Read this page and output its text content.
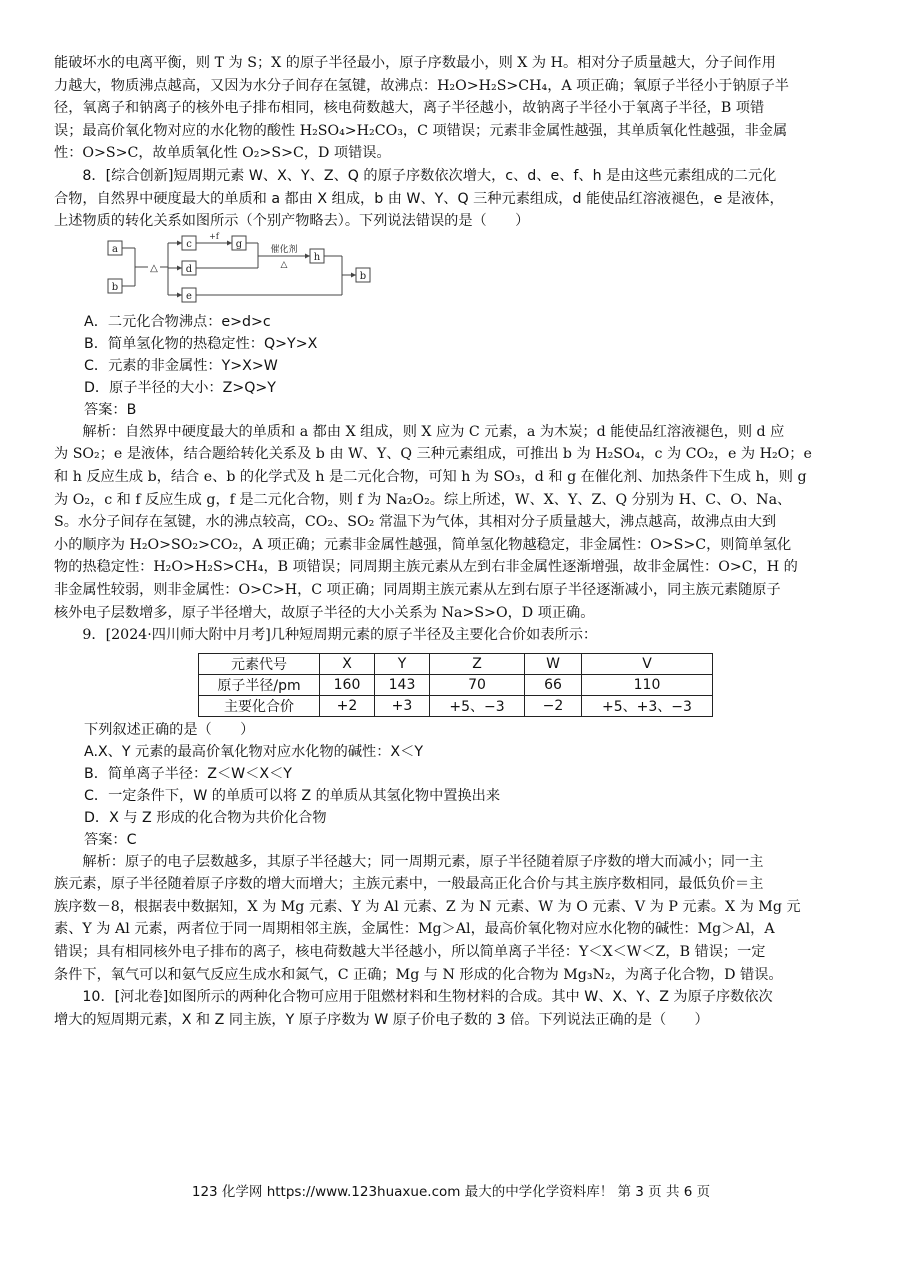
能破坏水的电离平衡，则 T 为 S；X 的原子半径最小，原子序数最小，则 X 为 H。相对分子质量越大，分子间作用

力越大，物质沸点越高，又因为水分子间存在氢键，故沸点：H₂O>H₂S>CH₄，A 项正确；氧原子半径小于钠原子半

径，氧离子和钠离子的核外电子排布相同，核电荷数越大，离子半径越小，故钠离子半径小于氧离子半径，B 项错

误；最高价氧化物对应的水化物的酸性 H₂SO₄>H₂CO₃，C 项错误；元素非金属性越强，其单质氧化性越强，非金属

性：O>S>C，故单质氧化性 O₂>S>C，D 项错误。

8．[综合创新]短周期元素 W、X、Y、Z、Q 的原子序数依次增大，c、d、e、f、h 是由这些元素组成的二元化

合物，自然界中硬度最大的单质和 a 都由 X 组成，b 由 W、Y、Q 三种元素组成，d 能使品红溶液褪色，e 是液体，

上述物质的转化关系如图所示（个别产物略去）。下列说法错误的是（　　）

a
b
△
c
d
e
g
h
b
+f
催化剂
△

A．二元化合物沸点：e>d>c

B．简单氢化物的热稳定性：Q>Y>X

C．元素的非金属性：Y>X>W

D．原子半径的大小：Z>Q>Y

答案：B

解析：自然界中硬度最大的单质和 a 都由 X 组成，则 X 应为 C 元素，a 为木炭；d 能使品红溶液褪色，则 d 应

为 SO₂；e 是液体，结合题给转化关系及 b 由 W、Y、Q 三种元素组成，可推出 b 为 H₂SO₄，c 为 CO₂，e 为 H₂O；e

和 h 反应生成 b，结合 e、b 的化学式及 h 是二元化合物，可知 h 为 SO₃，d 和 g 在催化剂、加热条件下生成 h，则 g

为 O₂，c 和 f 反应生成 g，f 是二元化合物，则 f 为 Na₂O₂。综上所述，W、X、Y、Z、Q 分别为 H、C、O、Na、

S。水分子间存在氢键，水的沸点较高，CO₂、SO₂ 常温下为气体，其相对分子质量越大，沸点越高，故沸点由大到

小的顺序为 H₂O>SO₂>CO₂，A 项正确；元素非金属性越强，简单氢化物越稳定，非金属性：O>S>C，则简单氢化

物的热稳定性：H₂O>H₂S>CH₄，B 项错误；同周期主族元素从左到右非金属性逐渐增强，故非金属性：O>C，H 的

非金属性较弱，则非金属性：O>C>H，C 项正确；同周期主族元素从左到右原子半径逐渐减小，同主族元素随原子

核外电子层数增多，原子半径增大，故原子半径的大小关系为 Na>S>O，D 项正确。

9．[2024·四川师大附中月考]几种短周期元素的原子半径及主要化合价如表所示：

元素代号	X	Y	Z	W	V
原子半径/pm	160	143	70	66	110
主要化合价	+2	+3	+5、−3	−2	+5、+3、−3

下列叙述正确的是（　　）

A.X、Y 元素的最高价氧化物对应水化物的碱性：X＜Y

B．简单离子半径：Z＜W＜X＜Y

C．一定条件下，W 的单质可以将 Z 的单质从其氢化物中置换出来

D．X 与 Z 形成的化合物为共价化合物

答案：C

解析：原子的电子层数越多，其原子半径越大；同一周期元素，原子半径随着原子序数的增大而减小；同一主

族元素，原子半径随着原子序数的增大而增大；主族元素中，一般最高正化合价与其主族序数相同，最低负价＝主

族序数－8，根据表中数据知，X 为 Mg 元素、Y 为 Al 元素、Z 为 N 元素、W 为 O 元素、V 为 P 元素。X 为 Mg 元

素、Y 为 Al 元素，两者位于同一周期相邻主族，金属性：Mg＞Al，最高价氧化物对应水化物的碱性：Mg＞Al，A

错误；具有相同核外电子排布的离子，核电荷数越大半径越小，所以简单离子半径：Y＜X＜W＜Z，B 错误；一定

条件下，氧气可以和氨气反应生成水和氮气，C 正确；Mg 与 N 形成的化合物为 Mg₃N₂，为离子化合物，D 错误。

10．[河北卷]如图所示的两种化合物可应用于阻燃材料和生物材料的合成。其中 W、X、Y、Z 为原子序数依次

增大的短周期元素，X 和 Z 同主族，Y 原子序数为 W 原子价电子数的 3 倍。下列说法正确的是（　　）

123 化学网 https://www.123huaxue.com 最大的中学化学资料库！ 第 3 页 共 6 页
